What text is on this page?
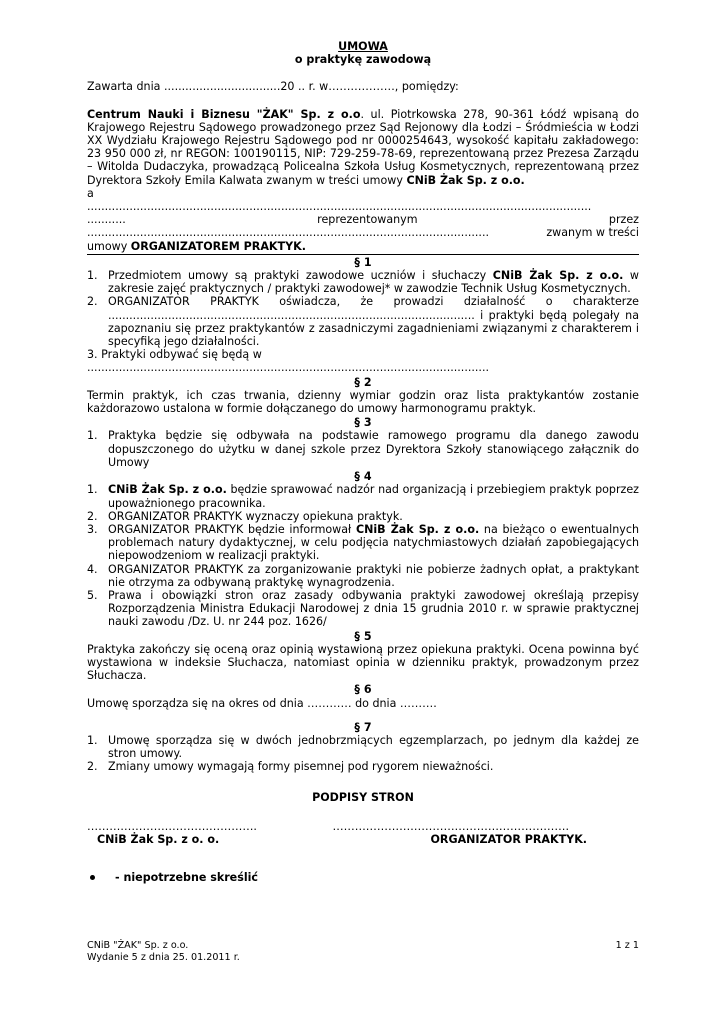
UMOWA
o praktykę zawodową
Zawarta dnia .................................20 .. r. w………………, pomiędzy:
Centrum Nauki i Biznesu "ŻAK" Sp. z o.o. ul. Piotrkowska 278, 90-361 Łódź wpisaną do Krajowego Rejestru Sądowego prowadzonego przez Sąd Rejonowy dla Łodzi – Śródmieścia w Łodzi XX Wydziału Krajowego Rejestru Sądowego pod nr 0000254643, wysokość kapitału zakładowego: 23 950 000 zł, nr REGON: 100190115, NIP: 729-259-78-69, reprezentowaną przez Prezesa Zarządu – Witolda Dudaczyka, prowadzącą Policealna Szkoła Usług Kosmetycznych, reprezentowaną przez Dyrektora Szkoły Emila Kalwata zwanym w treści umowy CNiB Żak Sp. z o.o.
a
...............................................................................................................................................
...........	reprezentowanym	przez
..................................................................................................................	zwanym w treści
umowy ORGANIZATOREM PRAKTYK.
§ 1
1. Przedmiotem umowy są praktyki zawodowe uczniów i słuchaczy CNiB Żak Sp. z o.o. w zakresie zajęć praktycznych / praktyki zawodowej* w zawodzie Technik Usług Kosmetycznych.
2. ORGANIZATOR PRAKTYK oświadcza, że prowadzi działalność o charakterze ........................................................................................................ i praktyki będą polegały na zapoznaniu się przez praktykantów z zasadniczymi zagadnieniami związanymi z charakterem i specyfiką jego działalności.
3. Praktyki odbywać się będą w ..................................................................................................................
§ 2
Termin praktyk, ich czas trwania, dzienny wymiar godzin oraz lista praktykantów zostanie każdorazowo ustalona w formie dołączanego do umowy harmonogramu praktyk.
§ 3
1. Praktyka będzie się odbywała na podstawie ramowego programu dla danego zawodu dopuszczonego do użytku w danej szkole przez Dyrektora Szkoły stanowiącego załącznik do Umowy
§ 4
1. CNiB Żak Sp. z o.o. będzie sprawować nadzór nad organizacją i przebiegiem praktyk poprzez upoważnionego pracownika.
2. ORGANIZATOR PRAKTYK wyznaczy opiekuna praktyk.
3. ORGANIZATOR PRAKTYK będzie informował CNiB Żak Sp. z o.o. na bieżąco o ewentualnych problemach natury dydaktycznej, w celu podjęcia natychmiastowych działań zapobiegających niepowodzeniom w realizacji praktyki.
4. ORGANIZATOR PRAKTYK za zorganizowanie praktyki nie pobierze żadnych opłat, a praktykant nie otrzyma za odbywaną praktykę wynagrodzenia.
5. Prawa i obowiązki stron oraz zasady odbywania praktyki zawodowej określają przepisy Rozporządzenia Ministra Edukacji Narodowej z dnia 15 grudnia 2010 r. w sprawie praktycznej nauki zawodu /Dz. U. nr 244 poz. 1626/
§ 5
Praktyka zakończy się oceną oraz opinią wystawioną przez opiekuna praktyki. Ocena powinna być wystawiona w indeksie Słuchacza, natomiast opinia w dzienniku praktyk, prowadzonym przez Słuchacza.
§ 6
Umowę sporządza się na okres od dnia ………… do dnia ……….
§ 7
1. Umowę sporządza się w dwóch jednobrzmiących egzemplarzach, po jednym dla każdej ze stron umowy.
2. Zmiany umowy wymagają formy pisemnej pod rygorem nieważności.
PODPISY STRON
……………………………………….	……………………………………………………….
CNiB Żak Sp. z o. o.	ORGANIZATOR PRAKTYK.
- niepotrzebne skreślić
CNiB "ŻAK" Sp. z o.o.	1 z 1
Wydanie 5 z dnia 25. 01.2011 r.
